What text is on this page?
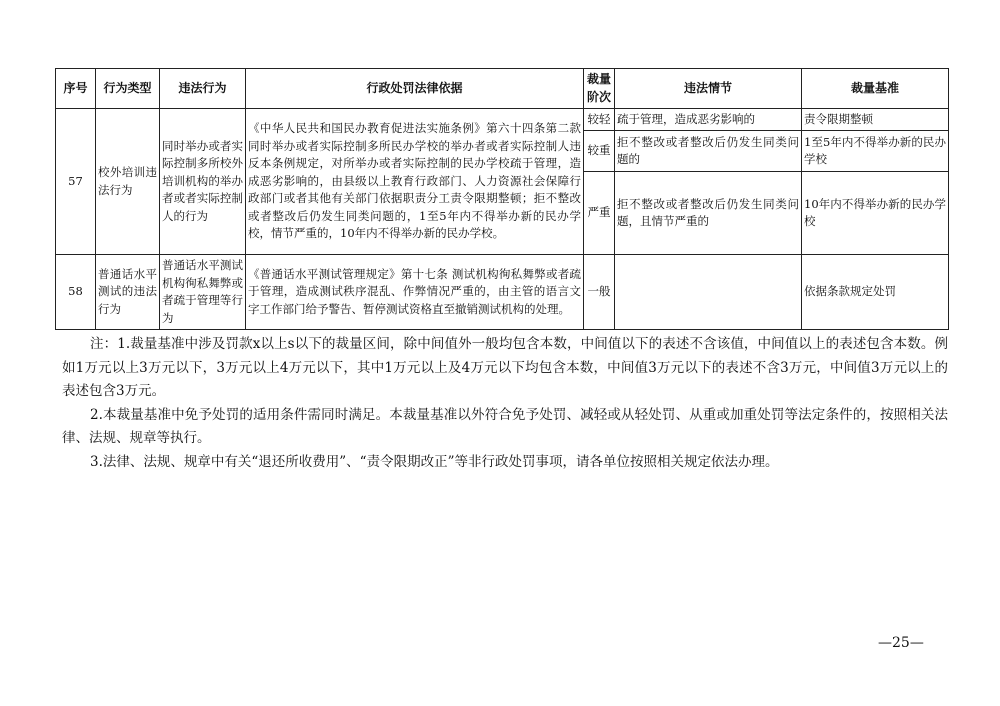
序号	行为类型	违法行为	行政处罚法律依据	裁量阶次	违法情节	裁量基准
57	校外培训违法行为	同时举办或者实际控制多所校外培训机构的举办者或者实际控制人的行为	《中华人民共和国民办教育促进法实施条例》第六十四条第二款 同时举办或者实际控制多所民办学校的举办者或者实际控制人违反本条例规定，对所举办或者实际控制的民办学校疏于管理，造成恶劣影响的，由县级以上教育行政部门、人力资源社会保障行政部门或者其他有关部门依据职责分工责令限期整顿；拒不整改或者整改后仍发生同类问题的，1至5年内不得举办新的民办学校，情节严重的，10年内不得举办新的民办学校。	较轻	疏于管理，造成恶劣影响的	责令限期整顿
				较重	拒不整改或者整改后仍发生同类问题的	1至5年内不得举办新的民办学校
				严重	拒不整改或者整改后仍发生同类问题，且情节严重的	10年内不得举办新的民办学校
58	普通话水平测试的违法行为	普通话水平测试机构徇私舞弊或者疏于管理等行为	《普通话水平测试管理规定》第十七条 测试机构徇私舞弊或者疏于管理，造成测试秩序混乱、作弊情况严重的，由主管的语言文字工作部门给予警告、暂停测试资格直至撤销测试机构的处理。	一般		依据条款规定处罚

注：1.裁量基准中涉及罚款x以上s以下的裁量区间，除中间值外一般均包含本数，中间值以下的表述不含该值，中间值以上的表述包含本数。例如1万元以上3万元以下，3万元以上4万元以下，其中1万元以上及4万元以下均包含本数，中间值3万元以下的表述不含3万元，中间值3万元以上的表述包含3万元。

2.本裁量基准中免予处罚的适用条件需同时满足。本裁量基准以外符合免予处罚、减轻或从轻处罚、从重或加重处罚等法定条件的，按照相关法律、法规、规章等执行。

3.法律、法规、规章中有关“退还所收费用”、“责令限期改正”等非行政处罚事项，请各单位按照相关规定依法办理。

—25—
